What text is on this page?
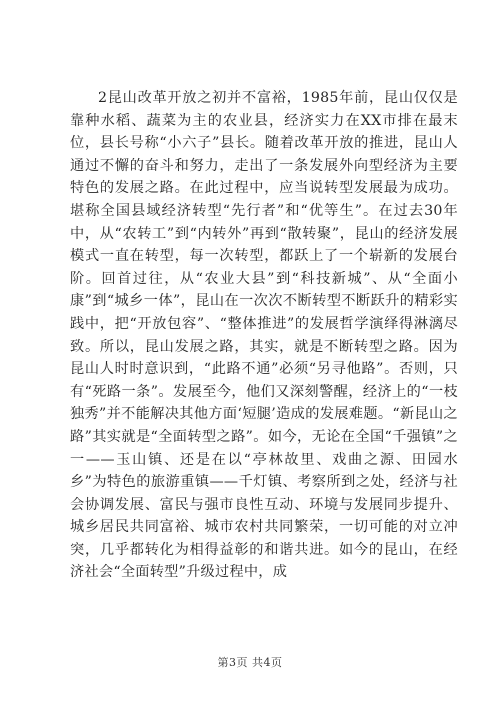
2昆山改革开放之初并不富裕，1985年前，昆山仅仅是靠种水稻、蔬菜为主的农业县，经济实力在XX市排在最末位，县长号称“小六子”县长。随着改革开放的推进，昆山人通过不懈的奋斗和努力，走出了一条发展外向型经济为主要特色的发展之路。在此过程中，应当说转型发展最为成功。堪称全国县域经济转型“先行者”和“优等生”。在过去30年中，从“农转工”到“内转外”再到“散转聚”，昆山的经济发展模式一直在转型，每一次转型，都跃上了一个崭新的发展台阶。回首过往，从“农业大县”到“科技新城”、从“全面小康”到“城乡一体”，昆山在一次次不断转型不断跃升的精彩实践中，把“开放包容”、“整体推进”的发展哲学演绎得淋漓尽致。所以，昆山发展之路，其实，就是不断转型之路。因为昆山人时时意识到，“此路不通”必须“另寻他路”。否则，只有“死路一条”。发展至今，他们又深刻警醒，经济上的“一枝独秀”并不能解决其他方面‘短腿’造成的发展难题。“新昆山之路”其实就是“全面转型之路”。如今，无论在全国“千强镇”之一——玉山镇、还是在以“亭林故里、戏曲之源、田园水乡”为特色的旅游重镇——千灯镇、考察所到之处，经济与社会协调发展、富民与强市良性互动、环境与发展同步提升、城乡居民共同富裕、城市农村共同繁荣，一切可能的对立冲突，几乎都转化为相得益彰的和谐共进。如今的昆山，在经济社会“全面转型”升级过程中，成

第3页 共4页
